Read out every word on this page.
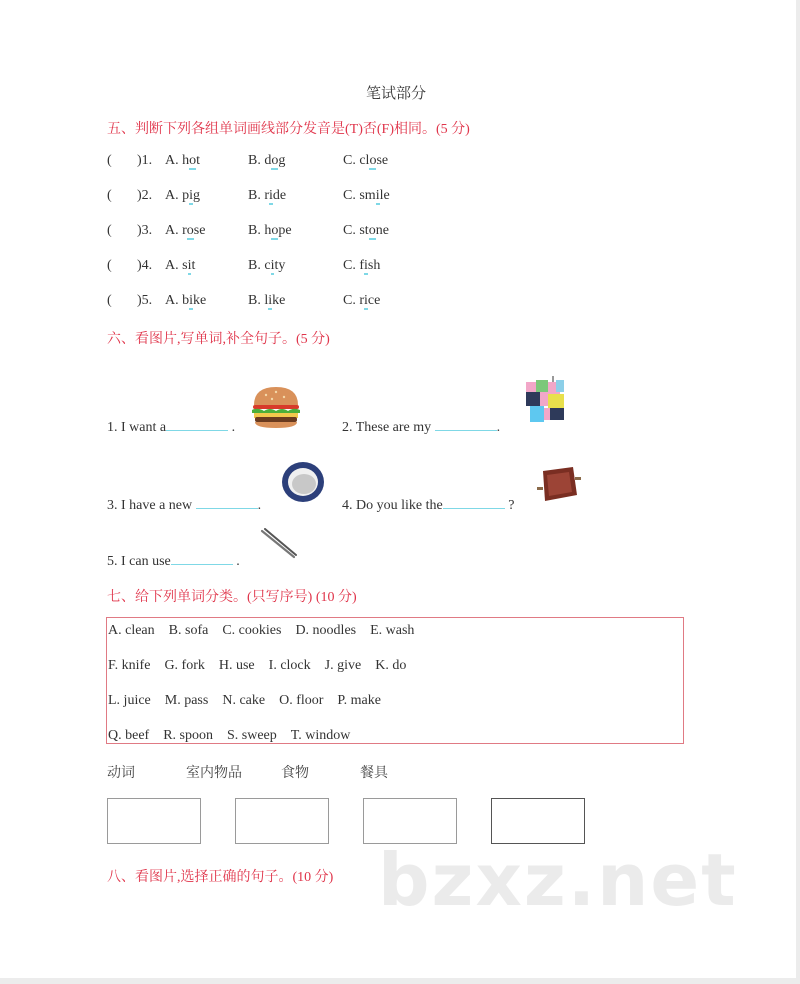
笔试部分
五、判断下列各组单词画线部分发音是(T)否(F)相同。(5 分)
( )1. A. hot	B. dog	C. close
( )2. A. pig	B. ride	C. smile
( )3. A. rose	B. hope	C. stone
( )4. A. sit	B. city	C. fish
( )5. A. bike	B. like	C. rice
六、看图片,写单词,补全句子。(5 分)
1. I want a	.	2. These are my	.
3. I have a new	.	4. Do you like the	?
5. I can use	.
七、给下列单词分类。(只写序号) (10 分)
A. clean B. sofa C. cookies D. noodles E. wash
F. knife G. fork H. use I. clock J. give K. do
L. juice M. pass N. cake O. floor P. make
Q. beef R. spoon S. sweep T. window
动词	室内物品	食物	餐具
bzxz.net
八、看图片,选择正确的句子。(10 分)
